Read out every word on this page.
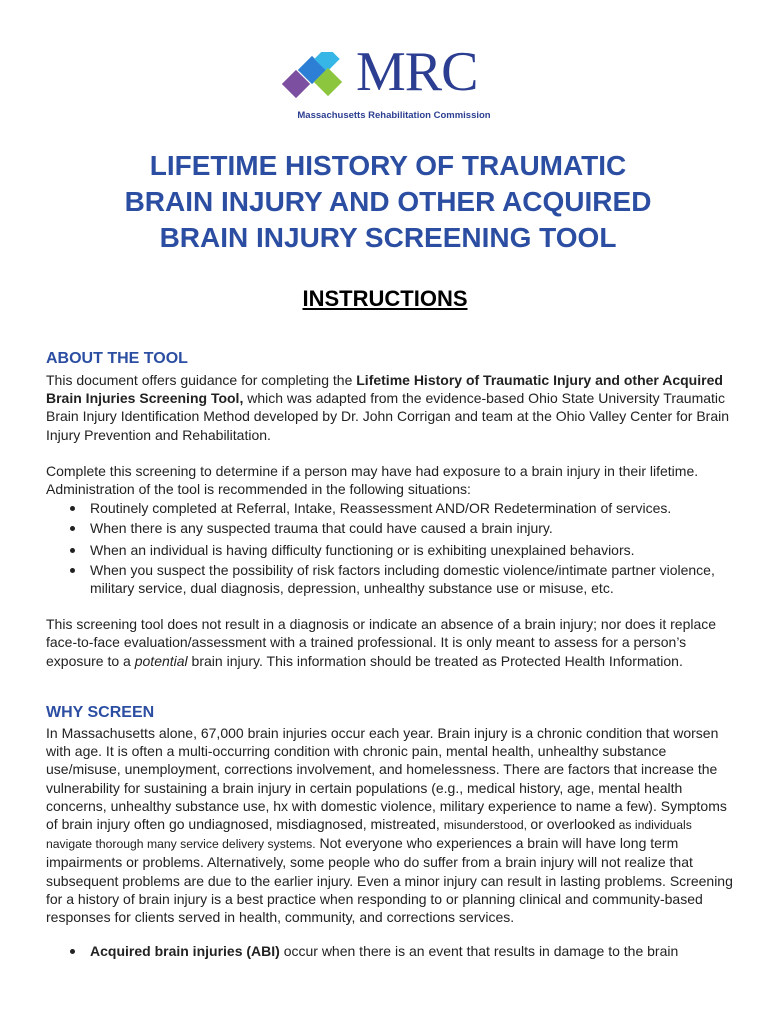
MRC
Massachusetts Rehabilitation Commission
LIFETIME HISTORY OF TRAUMATIC
BRAIN INJURY AND OTHER ACQUIRED
BRAIN INJURY SCREENING TOOL
INSTRUCTIONS
ABOUT THE TOOL

This document offers guidance for completing the Lifetime History of Traumatic Injury and other Acquired Brain Injuries Screening Tool, which was adapted from the evidence-based Ohio State University Traumatic Brain Injury Identification Method developed by Dr. John Corrigan and team at the Ohio Valley Center for Brain Injury Prevention and Rehabilitation.

Complete this screening to determine if a person may have had exposure to a brain injury in their lifetime. Administration of the tool is recommended in the following situations:

Routinely completed at Referral, Intake, Reassessment AND/OR Redetermination of services.
When there is any suspected trauma that could have caused a brain injury.
When an individual is having difficulty functioning or is exhibiting unexplained behaviors.
When you suspect the possibility of risk factors including domestic violence/intimate partner violence, military service, dual diagnosis, depression, unhealthy substance use or misuse, etc.

This screening tool does not result in a diagnosis or indicate an absence of a brain injury; nor does it replace face-to-face evaluation/assessment with a trained professional. It is only meant to assess for a person’s exposure to a potential brain injury. This information should be treated as Protected Health Information.

WHY SCREEN

In Massachusetts alone, 67,000 brain injuries occur each year. Brain injury is a chronic condition that worsen with age. It is often a multi-occurring condition with chronic pain, mental health, unhealthy substance use/misuse, unemployment, corrections involvement, and homelessness. There are factors that increase the vulnerability for sustaining a brain injury in certain populations (e.g., medical history, age, mental health concerns, unhealthy substance use, hx with domestic violence, military experience to name a few). Symptoms of brain injury often go undiagnosed, misdiagnosed, mistreated, misunderstood, or overlooked as individuals navigate thorough many service delivery systems. Not everyone who experiences a brain will have long term impairments or problems. Alternatively, some people who do suffer from a brain injury will not realize that subsequent problems are due to the earlier injury. Even a minor injury can result in lasting problems. Screening for a history of brain injury is a best practice when responding to or planning clinical and community-based responses for clients served in health, community, and corrections services.

Acquired brain injuries (ABI) occur when there is an event that results in damage to the brain
